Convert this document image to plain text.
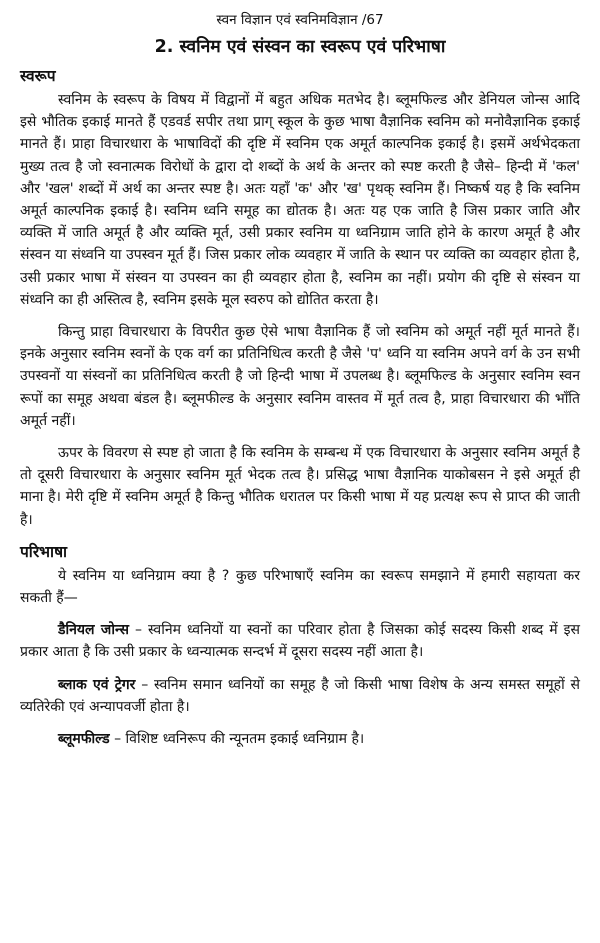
स्वन विज्ञान एवं स्वनिमविज्ञान /67
2. स्वनिम एवं संस्वन का स्वरूप एवं परिभाषा
स्वरूप

स्वनिम के स्वरूप के विषय में विद्वानों में बहुत अधिक मतभेद है। ब्लूमफिल्ड और डेनियल जोन्स आदि इसे भौतिक इकाई मानते हैं एडवर्ड सपीर तथा प्राग् स्कूल के कुछ भाषा वैज्ञानिक स्वनिम को मनोवैज्ञानिक इकाई मानते हैं। प्राहा विचारधारा के भाषाविदों की दृष्टि में स्वनिम एक अमूर्त काल्पनिक इकाई है। इसमें अर्थभेदकता मुख्य तत्व है जो स्वनात्मक विरोधों के द्वारा दो शब्दों के अर्थ के अन्तर को स्पष्ट करती है जैसे– हिन्दी में 'कल' और 'खल' शब्दों में अर्थ का अन्तर स्पष्ट है। अतः यहाँ 'क' और 'ख' पृथक् स्वनिम हैं। निष्कर्ष यह है कि स्वनिम अमूर्त काल्पनिक इकाई है। स्वनिम ध्वनि समूह का द्योतक है। अतः यह एक जाति है जिस प्रकार जाति और व्यक्ति में जाति अमूर्त है और व्यक्ति मूर्त, उसी प्रकार स्वनिम या ध्वनिग्राम जाति होने के कारण अमूर्त है और संस्वन या संध्वनि या उपस्वन मूर्त हैं। जिस प्रकार लोक व्यवहार में जाति के स्थान पर व्यक्ति का व्यवहार होता है, उसी प्रकार भाषा में संस्वन या उपस्वन का ही व्यवहार होता है, स्वनिम का नहीं। प्रयोग की दृष्टि से संस्वन या संध्वनि का ही अस्तित्व है, स्वनिम इसके मूल स्वरुप को द्योतित करता है।

किन्तु प्राहा विचारधारा के विपरीत कुछ ऐसे भाषा वैज्ञानिक हैं जो स्वनिम को अमूर्त नहीं मूर्त मानते हैं। इनके अनुसार स्वनिम स्वनों के एक वर्ग का प्रतिनिधित्व करती है जैसे 'प' ध्वनि या स्वनिम अपने वर्ग के उन सभी उपस्वनों या संस्वनों का प्रतिनिधित्व करती है जो हिन्दी भाषा में उपलब्ध है। ब्लूमफिल्ड के अनुसार स्वनिम स्वन रूपों का समूह अथवा बंडल है। ब्लूमफील्ड के अनुसार स्वनिम वास्तव में मूर्त तत्व है, प्राहा विचारधारा की भाँति अमूर्त नहीं।

ऊपर के विवरण से स्पष्ट हो जाता है कि स्वनिम के सम्बन्ध में एक विचारधारा के अनुसार स्वनिम अमूर्त है तो दूसरी विचारधारा के अनुसार स्वनिम मूर्त भेदक तत्व है। प्रसिद्ध भाषा वैज्ञानिक याकोबसन ने इसे अमूर्त ही माना है। मेरी दृष्टि में स्वनिम अमूर्त है किन्तु भौतिक धरातल पर किसी भाषा में यह प्रत्यक्ष रूप से प्राप्त की जाती है।

परिभाषा

ये स्वनिम या ध्वनिग्राम क्या है ? कुछ परिभाषाएँ स्वनिम का स्वरूप समझाने में हमारी सहायता कर सकती हैं—

डैनियल जोन्स – स्वनिम ध्वनियों या स्वनों का परिवार होता है जिसका कोई सदस्य किसी शब्द में इस प्रकार आता है कि उसी प्रकार के ध्वन्यात्मक सन्दर्भ में दूसरा सदस्य नहीं आता है।

ब्लाक एवं ट्रेगर – स्वनिम समान ध्वनियों का समूह है जो किसी भाषा विशेष के अन्य समस्त समूहों से व्यतिरेकी एवं अन्यापवर्जी होता है।

ब्लूमफील्ड – विशिष्ट ध्वनिरूप की न्यूनतम इकाई ध्वनिग्राम है।
